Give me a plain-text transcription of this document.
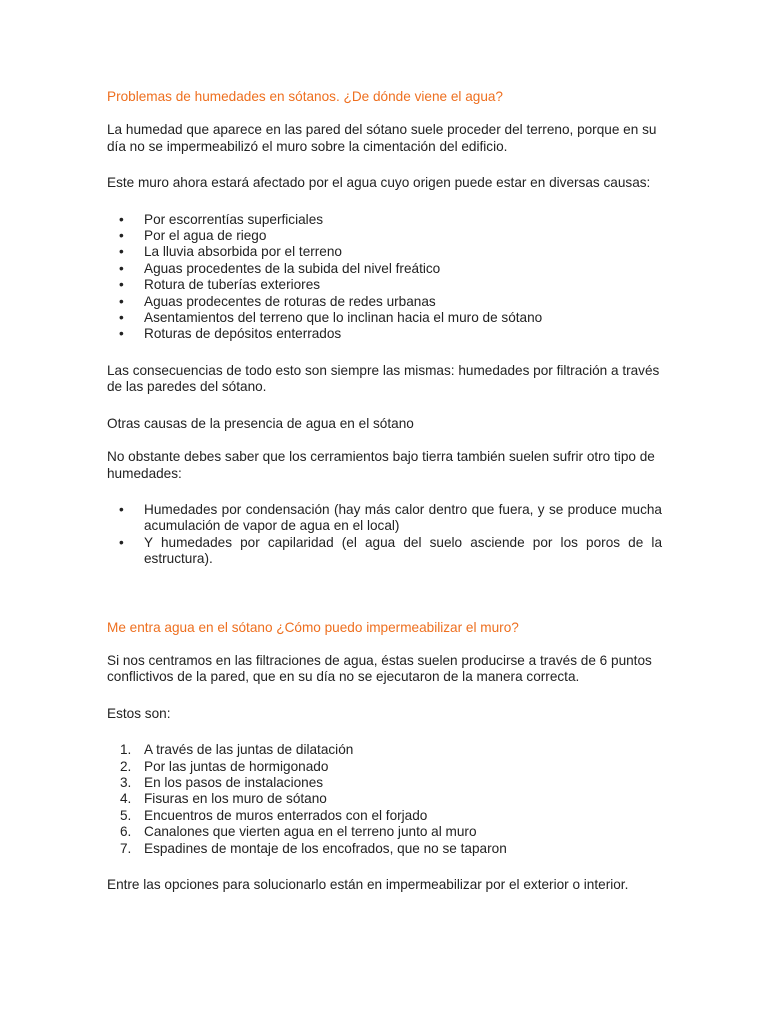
Problemas de humedades en sótanos. ¿De dónde viene el agua?

La humedad que aparece en las pared del sótano suele proceder del terreno, porque en su día no se impermeabilizó el muro sobre la cimentación del edificio.

Este muro ahora estará afectado por el agua cuyo origen puede estar en diversas causas:

• Por escorrentías superficiales
• Por el agua de riego
• La lluvia absorbida por el terreno
• Aguas procedentes de la subida del nivel freático
• Rotura de tuberías exteriores
• Aguas prodecentes de roturas de redes urbanas
• Asentamientos del terreno que lo inclinan hacia el muro de sótano
• Roturas de depósitos enterrados

Las consecuencias de todo esto son siempre las mismas: humedades por filtración a través de las paredes del sótano.

Otras causas de la presencia de agua en el sótano

No obstante debes saber que los cerramientos bajo tierra también suelen sufrir otro tipo de humedades:

• Humedades por condensación (hay más calor dentro que fuera, y se produce mucha acumulación de vapor de agua en el local)
• Y humedades por capilaridad (el agua del suelo asciende por los poros de la estructura).

Me entra agua en el sótano ¿Cómo puedo impermeabilizar el muro?

Si nos centramos en las filtraciones de agua, éstas suelen producirse a través de 6 puntos conflictivos de la pared, que en su día no se ejecutaron de la manera correcta.

Estos son:

1. A través de las juntas de dilatación
2. Por las juntas de hormigonado
3. En los pasos de instalaciones
4. Fisuras en los muro de sótano
5. Encuentros de muros enterrados con el forjado
6. Canalones que vierten agua en el terreno junto al muro
7. Espadines de montaje de los encofrados, que no se taparon

Entre las opciones para solucionarlo están en impermeabilizar por el exterior o interior.
